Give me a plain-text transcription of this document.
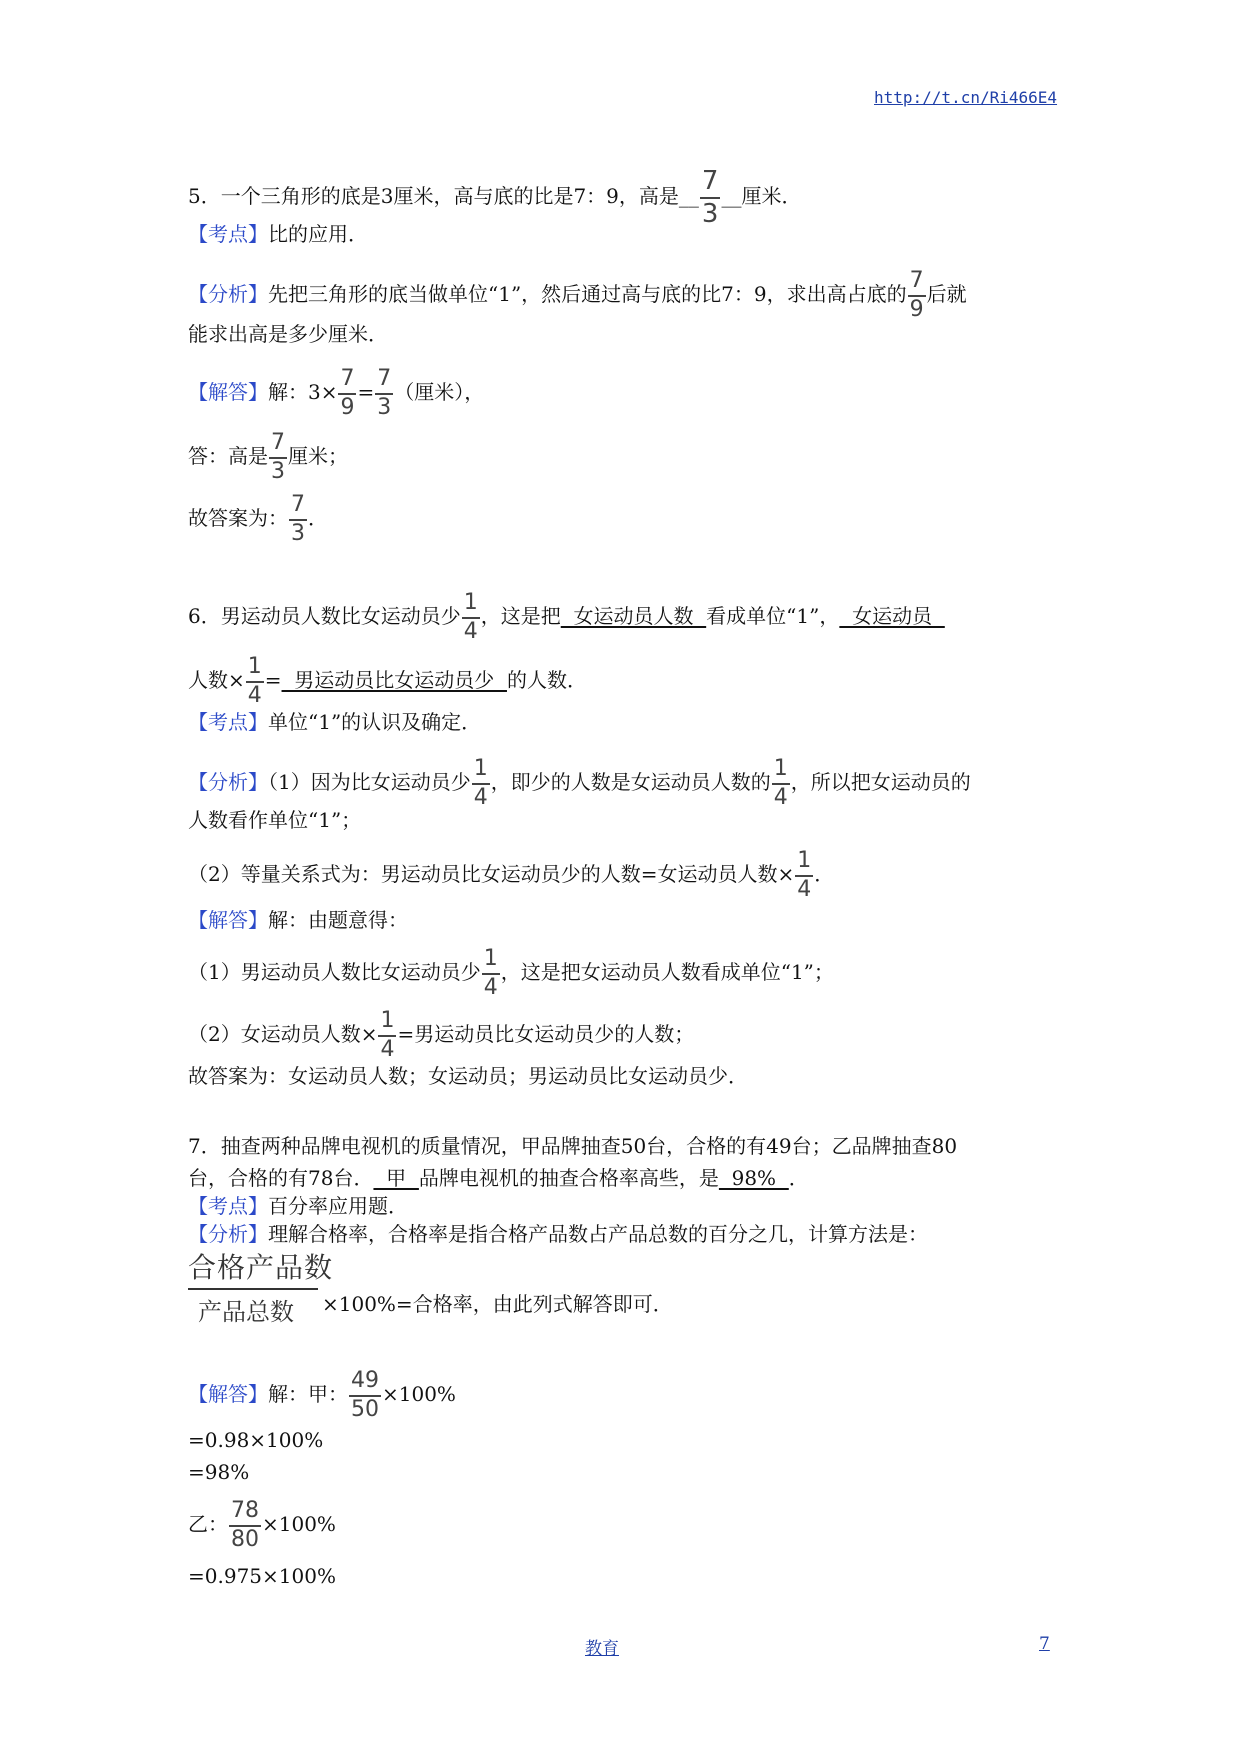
http://t.cn/Ri466E4
5．一个三角形的底是3厘米，高与底的比是7：9，高是__ $\frac{7}{3}$ __厘米．
【考点】比的应用．
【分析】先把三角形的底当做单位“1”，然后通过高与底的比7：9，求出高占底的 $\frac{7}{9}$ 后就
能求出高是多少厘米．
【解答】解：$3\times \frac{7}{9} = \frac{7}{3}$ （厘米），
答：高是 $\frac{7}{3}$ 厘米；
故答案为： $\frac{7}{3}$ ．
6．男运动员人数比女运动员少 $\frac{1}{4}$ ，这是把  女运动员人数  看成单位“1”，  女运动员
人数× $\frac{1}{4}$ =  男运动员比女运动员少  的人数．
【考点】单位“1”的认识及确定．
【分析】（1）因为比女运动员少 $\frac{1}{4}$ ，即少的人数是女运动员人数的 $\frac{1}{4}$ ，所以把女运动员的
人数看作单位“1”；
（2）等量关系式为：男运动员比女运动员少的人数=女运动员人数× $\frac{1}{4}$ ．
【解答】解：由题意得：
（1）男运动员人数比女运动员少 $\frac{1}{4}$ ，这是把女运动员人数看成单位“1”；
（2）女运动员人数× $\frac{1}{4}$ =男运动员比女运动员少的人数；
故答案为：女运动员人数；女运动员；男运动员比女运动员少．
7．抽查两种品牌电视机的质量情况，甲品牌抽查50台，合格的有49台；乙品牌抽查80
台，合格的有78台．  甲  品牌电视机的抽查合格率高些，是  98%  ．
【考点】百分率应用题．
【分析】理解合格率，合格率是指合格产品数占产品总数的百分之几，计算方法是：
合格产品数
产品总数	×100%=合格率，由此列式解答即可．
【解答】解：甲： $\frac{49}{50} \times 100\%$
=0.98×100%
=98%
乙： $\frac{78}{80} \times 100\%$
=0.975×100%
教育	7
